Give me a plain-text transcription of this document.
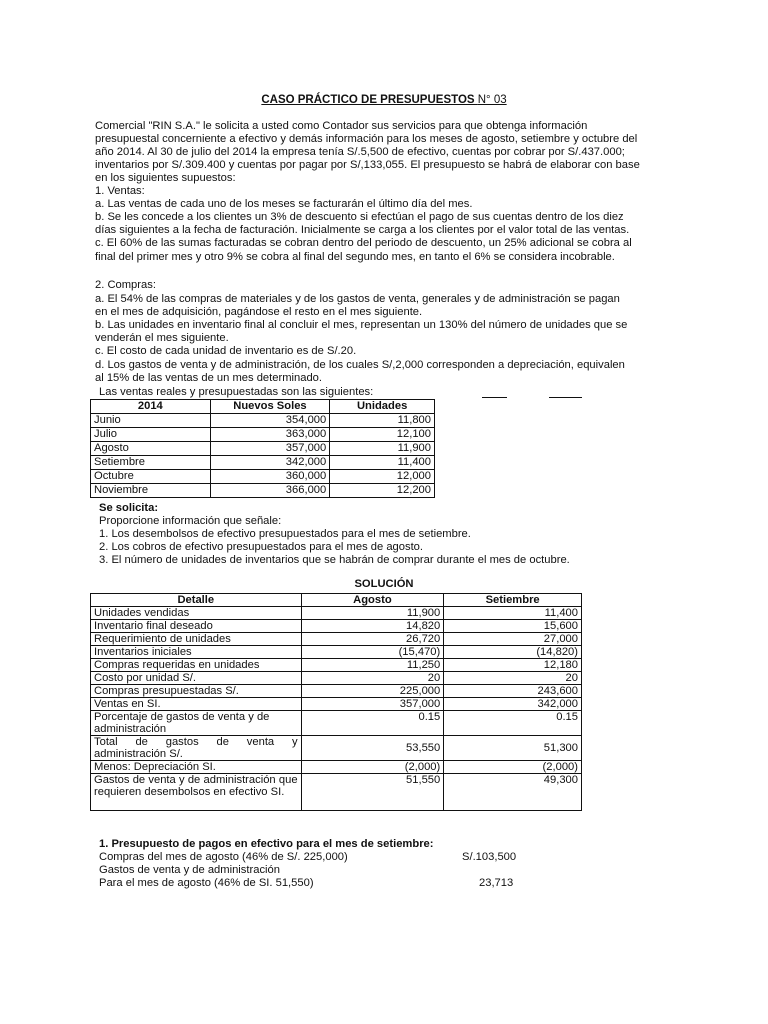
CASO PRÁCTICO DE PRESUPUESTOS N° 03
Comercial "RIN S.A." le solicita a usted como Contador sus servicios para que obtenga información
presupuestal concerniente a efectivo y demás información para los meses de agosto, setiembre y octubre del
año 2014. Al 30 de julio del 2014 la empresa tenía S/.5,500 de efectivo, cuentas por cobrar por S/.437.000;
inventarios por S/.309.400 y cuentas por pagar por S/,133,055. El presupuesto se habrá de elaborar con base
en los siguientes supuestos:
1. Ventas:
a. Las ventas de cada uno de los meses se facturarán el último día del mes.
b. Se les concede a los clientes un 3% de descuento si efectúan el pago de sus cuentas dentro de los diez
días siguientes a la fecha de facturación. Inicialmente se carga a los clientes por el valor total de las ventas.
c. El 60% de las sumas facturadas se cobran dentro del periodo de descuento, un 25% adicional se cobra al
final del primer mes y otro 9% se cobra al final del segundo mes, en tanto el 6% se considera incobrable.
2. Compras:
a. El 54% de las compras de materiales y de los gastos de venta, generales y de administración se pagan
en el mes de adquisición, pagándose el resto en el mes siguiente.
b. Las unidades en inventario final al concluir el mes, representan un 130% del número de unidades que se
venderán el mes siguiente.
c. El costo de cada unidad de inventario es de S/.20.
d. Los gastos de venta y de administración, de los cuales S/,2,000 corresponden a depreciación, equivalen
al 15% de las ventas de un mes determinado.
Las ventas reales y presupuestadas son las siguientes:
2014	Nuevos Soles	Unidades
Junio	354,000	11,800
Julio	363,000	12,100
Agosto	357,000	11,900
Setiembre	342,000	11,400
Octubre	360,000	12,000
Noviembre	366,000	12,200
Se solicita:
Proporcione información que señale:
1. Los desembolsos de efectivo presupuestados para el mes de setiembre.
2. Los cobros de efectivo presupuestados para el mes de agosto.
3. El número de unidades de inventarios que se habrán de comprar durante el mes de octubre.
SOLUCIÓN
Detalle	Agosto	Setiembre
Unidades vendidas	11,900	11,400
Inventario final deseado	14,820	15,600
Requerimiento de unidades	26,720	27,000
Inventarios iniciales	(15,470)	(14,820)
Compras requeridas en unidades	11,250	12,180
Costo por unidad S/.	20	20
Compras presupuestadas S/.	225,000	243,600
Ventas en SI.	357,000	342,000
Porcentaje de gastos de venta y de administración	0.15	0.15
Total de gastos de venta y administración S/.	53,550	51,300
Menos: Depreciación SI.	(2,000)	(2,000)
Gastos de venta y de administración que requieren desembolsos en efectivo SI.	51,550	49,300
1. Presupuesto de pagos en efectivo para el mes de setiembre:
Compras del mes de agosto (46% de S/. 225,000)	S/.103,500
Gastos de venta y de administración
Para el mes de agosto (46% de SI. 51,550)	23,713
